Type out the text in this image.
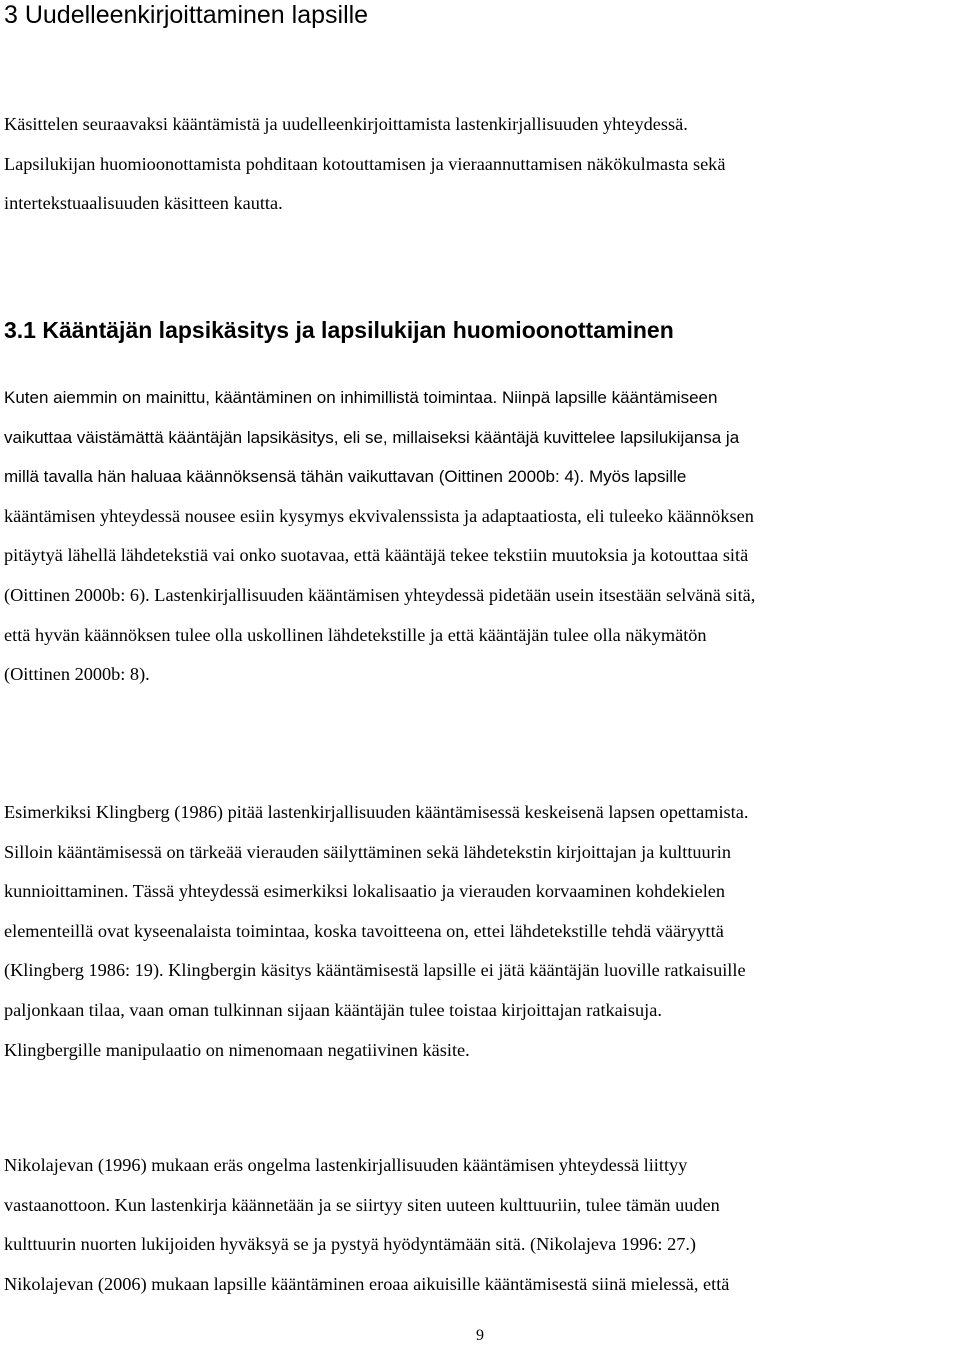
3 Uudelleenkirjoittaminen lapsille

Käsittelen seuraavaksi kääntämistä ja uudelleenkirjoittamista lastenkirjallisuuden yhteydessä.
Lapsilukijan huomioonottamista pohditaan kotouttamisen ja vieraannuttamisen näkökulmasta sekä
intertekstuaalisuuden käsitteen kautta.

3.1 Kääntäjän lapsikäsitys ja lapsilukijan huomioonottaminen

Kuten aiemmin on mainittu, kääntäminen on inhimillistä toimintaa. Niinpä lapsille kääntämiseen
vaikuttaa väistämättä kääntäjän lapsikäsitys, eli se, millaiseksi kääntäjä kuvittelee lapsilukijansa ja
millä tavalla hän haluaa käännöksensä tähän vaikuttavan (Oittinen 2000b: 4). Myös lapsille
kääntämisen yhteydessä nousee esiin kysymys ekvivalenssista ja adaptaatiosta, eli tuleeko käännöksen
pitäytyä lähellä lähdetekstiä vai onko suotavaa, että kääntäjä tekee tekstiin muutoksia ja kotouttaa sitä
(Oittinen 2000b: 6). Lastenkirjallisuuden kääntämisen yhteydessä pidetään usein itsestään selvänä sitä,
että hyvän käännöksen tulee olla uskollinen lähdetekstille ja että kääntäjän tulee olla näkymätön
(Oittinen 2000b: 8).

Esimerkiksi Klingberg (1986) pitää lastenkirjallisuuden kääntämisessä keskeisenä lapsen opettamista.
Silloin kääntämisessä on tärkeää vierauden säilyttäminen sekä lähdetekstin kirjoittajan ja kulttuurin
kunnioittaminen. Tässä yhteydessä esimerkiksi lokalisaatio ja vierauden korvaaminen kohdekielen
elementeillä ovat kyseenalaista toimintaa, koska tavoitteena on, ettei lähdetekstille tehdä vääryyttä
(Klingberg 1986: 19). Klingbergin käsitys kääntämisestä lapsille ei jätä kääntäjän luoville ratkaisuille
paljonkaan tilaa, vaan oman tulkinnan sijaan kääntäjän tulee toistaa kirjoittajan ratkaisuja.
Klingbergille manipulaatio on nimenomaan negatiivinen käsite.

Nikolajevan (1996) mukaan eräs ongelma lastenkirjallisuuden kääntämisen yhteydessä liittyy
vastaanottoon. Kun lastenkirja käännetään ja se siirtyy siten uuteen kulttuuriin, tulee tämän uuden
kulttuurin nuorten lukijoiden hyväksyä se ja pystyä hyödyntämään sitä. (Nikolajeva 1996: 27.)
Nikolajevan (2006) mukaan lapsille kääntäminen eroaa aikuisille kääntämisestä siinä mielessä, että

9
